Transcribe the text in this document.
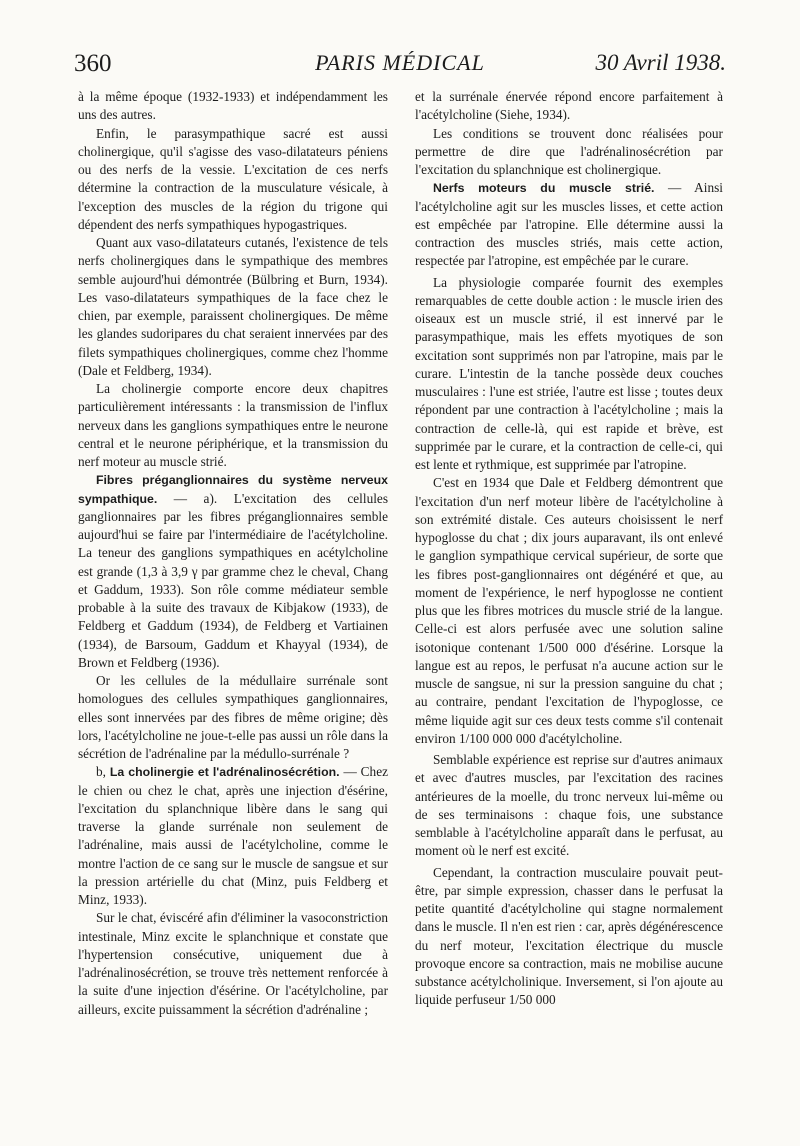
360	PARIS MÉDICAL	30 Avril 1938.

à la même époque (1932-1933) et indépendamment les uns des autres.

Enfin, le parasympathique sacré est aussi cholinergique, qu'il s'agisse des vaso-dilatateurs péniens ou des nerfs de la vessie. L'excitation de ces nerfs détermine la contraction de la musculature vésicale, à l'exception des muscles de la région du trigone qui dépendent des nerfs sympathiques hypogastriques.

Quant aux vaso-dilatateurs cutanés, l'existence de tels nerfs cholinergiques dans le sympathique des membres semble aujourd'hui démontrée (Bülbring et Burn, 1934). Les vaso-dilatateurs sympathiques de la face chez le chien, par exemple, paraissent cholinergiques. De même les glandes sudoripares du chat seraient innervées par des filets sympathiques cholinergiques, comme chez l'homme (Dale et Feldberg, 1934).

La cholinergie comporte encore deux chapitres particulièrement intéressants : la transmission de l'influx nerveux dans les ganglions sympathiques entre le neurone central et le neurone périphérique, et la transmission du nerf moteur au muscle strié.

Fibres préganglionnaires du système nerveux sympathique. — a). L'excitation des cellules ganglionnaires par les fibres préganglionnaires semble aujourd'hui se faire par l'intermédiaire de l'acétylcholine. La teneur des ganglions sympathiques en acétylcholine est grande (1,3 à 3,9 γ par gramme chez le cheval, Chang et Gaddum, 1933). Son rôle comme médiateur semble probable à la suite des travaux de Kibjakow (1933), de Feldberg et Gaddum (1934), de Feldberg et Vartiainen (1934), de Barsoum, Gaddum et Khayyal (1934), de Brown et Feldberg (1936).

Or les cellules de la médullaire surrénale sont homologues des cellules sympathiques ganglionnaires, elles sont innervées par des fibres de même origine; dès lors, l'acétylcholine ne joue-t-elle pas aussi un rôle dans la sécrétion de l'adrénaline par la médullo-surrénale ?

b, La cholinergie et l'adrénalinosécrétion. — Chez le chien ou chez le chat, après une injection d'ésérine, l'excitation du splanchnique libère dans le sang qui traverse la glande surrénale non seulement de l'adrénaline, mais aussi de l'acétylcholine, comme le montre l'action de ce sang sur le muscle de sangsue et sur la pression artérielle du chat (Minz, puis Feldberg et Minz, 1933).

Sur le chat, éviscéré afin d'éliminer la vasoconstriction intestinale, Minz excite le splanchnique et constate que l'hypertension consécutive, uniquement due à l'adrénalinosécrétion, se trouve très nettement renforcée à la suite d'une injection d'ésérine. Or l'acétylcholine, par ailleurs, excite puissamment la sécrétion d'adrénaline ;

et la surrénale énervée répond encore parfaitement à l'acétylcholine (Siehe, 1934).

Les conditions se trouvent donc réalisées pour permettre de dire que l'adrénalinosécrétion par l'excitation du splanchnique est cholinergique.

Nerfs moteurs du muscle strié. — Ainsi l'acétylcholine agit sur les muscles lisses, et cette action est empêchée par l'atropine. Elle détermine aussi la contraction des muscles striés, mais cette action, respectée par l'atropine, est empêchée par le curare.

La physiologie comparée fournit des exemples remarquables de cette double action : le muscle irien des oiseaux est un muscle strié, il est innervé par le parasympathique, mais les effets myotiques de son excitation sont supprimés non par l'atropine, mais par le curare. L'intestin de la tanche possède deux couches musculaires : l'une est striée, l'autre est lisse ; toutes deux répondent par une contraction à l'acétylcholine ; mais la contraction de celle-là, qui est rapide et brève, est supprimée par le curare, et la contraction de celle-ci, qui est lente et rythmique, est supprimée par l'atropine.

C'est en 1934 que Dale et Feldberg démontrent que l'excitation d'un nerf moteur libère de l'acétylcholine à son extrémité distale. Ces auteurs choisissent le nerf hypoglosse du chat ; dix jours auparavant, ils ont enlevé le ganglion sympathique cervical supérieur, de sorte que les fibres post-ganglionnaires ont dégénéré et que, au moment de l'expérience, le nerf hypoglosse ne contient plus que les fibres motrices du muscle strié de la langue. Celle-ci est alors perfusée avec une solution saline isotonique contenant 1/500 000 d'ésérine. Lorsque la langue est au repos, le perfusat n'a aucune action sur le muscle de sangsue, ni sur la pression sanguine du chat ; au contraire, pendant l'excitation de l'hypoglosse, ce même liquide agit sur ces deux tests comme s'il contenait environ 1/100 000 000 d'acétylcholine.

Semblable expérience est reprise sur d'autres animaux et avec d'autres muscles, par l'excitation des racines antérieures de la moelle, du tronc nerveux lui-même ou de ses terminaisons : chaque fois, une substance semblable à l'acétylcholine apparaît dans le perfusat, au moment où le nerf est excité.

Cependant, la contraction musculaire pouvait peut-être, par simple expression, chasser dans le perfusat la petite quantité d'acétylcholine qui stagne normalement dans le muscle. Il n'en est rien : car, après dégénérescence du nerf moteur, l'excitation électrique du muscle provoque encore sa contraction, mais ne mobilise aucune substance acétylcholinique. Inversement, si l'on ajoute au liquide perfuseur 1/50 000
